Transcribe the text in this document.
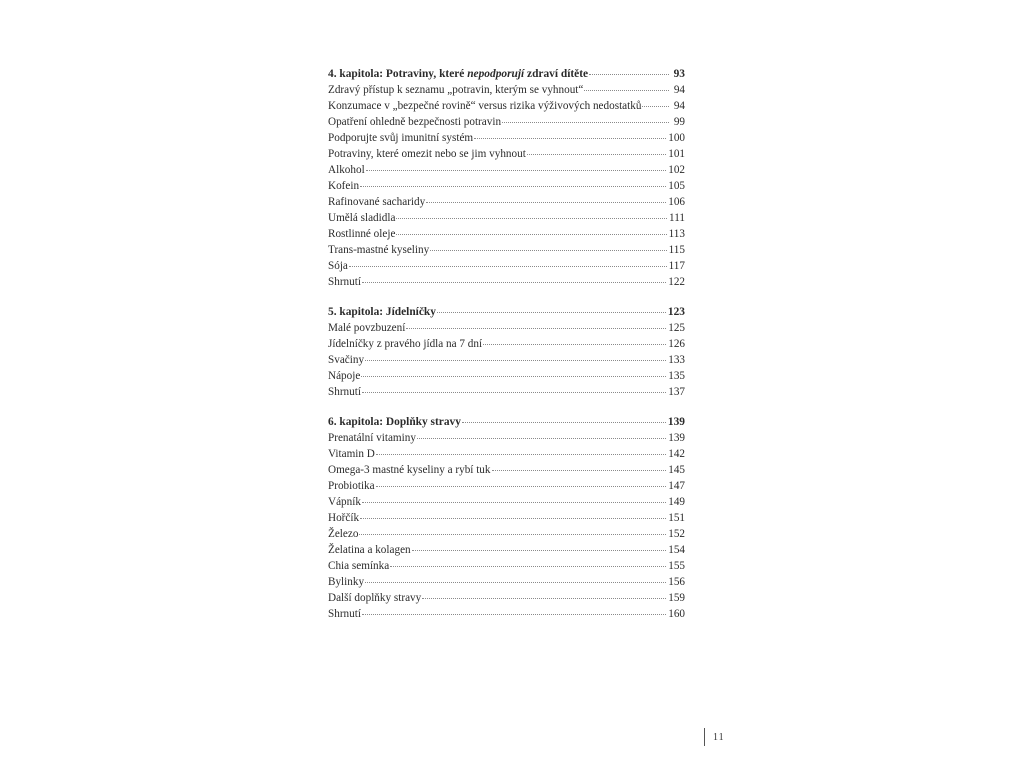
4. kapitola: Potraviny, které nepodporují zdraví dítěte	93
Zdravý přístup k seznamu „potravin, kterým se vyhnout“	94
Konzumace v „bezpečné rovině“ versus rizika výživových nedostatků	94
Opatření ohledně bezpečnosti potravin	99
Podporujte svůj imunitní systém	100
Potraviny, které omezit nebo se jim vyhnout	101
Alkohol	102
Kofein	105
Rafinované sacharidy	106
Umělá sladidla	111
Rostlinné oleje	113
Trans-mastné kyseliny	115
Sója	117
Shrnutí	122
5. kapitola: Jídelníčky	123
Malé povzbuzení	125
Jídelníčky z pravého jídla na 7 dní	126
Svačiny	133
Nápoje	135
Shrnutí	137
6. kapitola: Doplňky stravy	139
Prenatální vitaminy	139
Vitamin D	142
Omega-3 mastné kyseliny a rybí tuk	145
Probiotika	147
Vápník	149
Hořčík	151
Železo	152
Želatina a kolagen	154
Chia semínka	155
Bylinky	156
Další doplňky stravy	159
Shrnutí	160
11
